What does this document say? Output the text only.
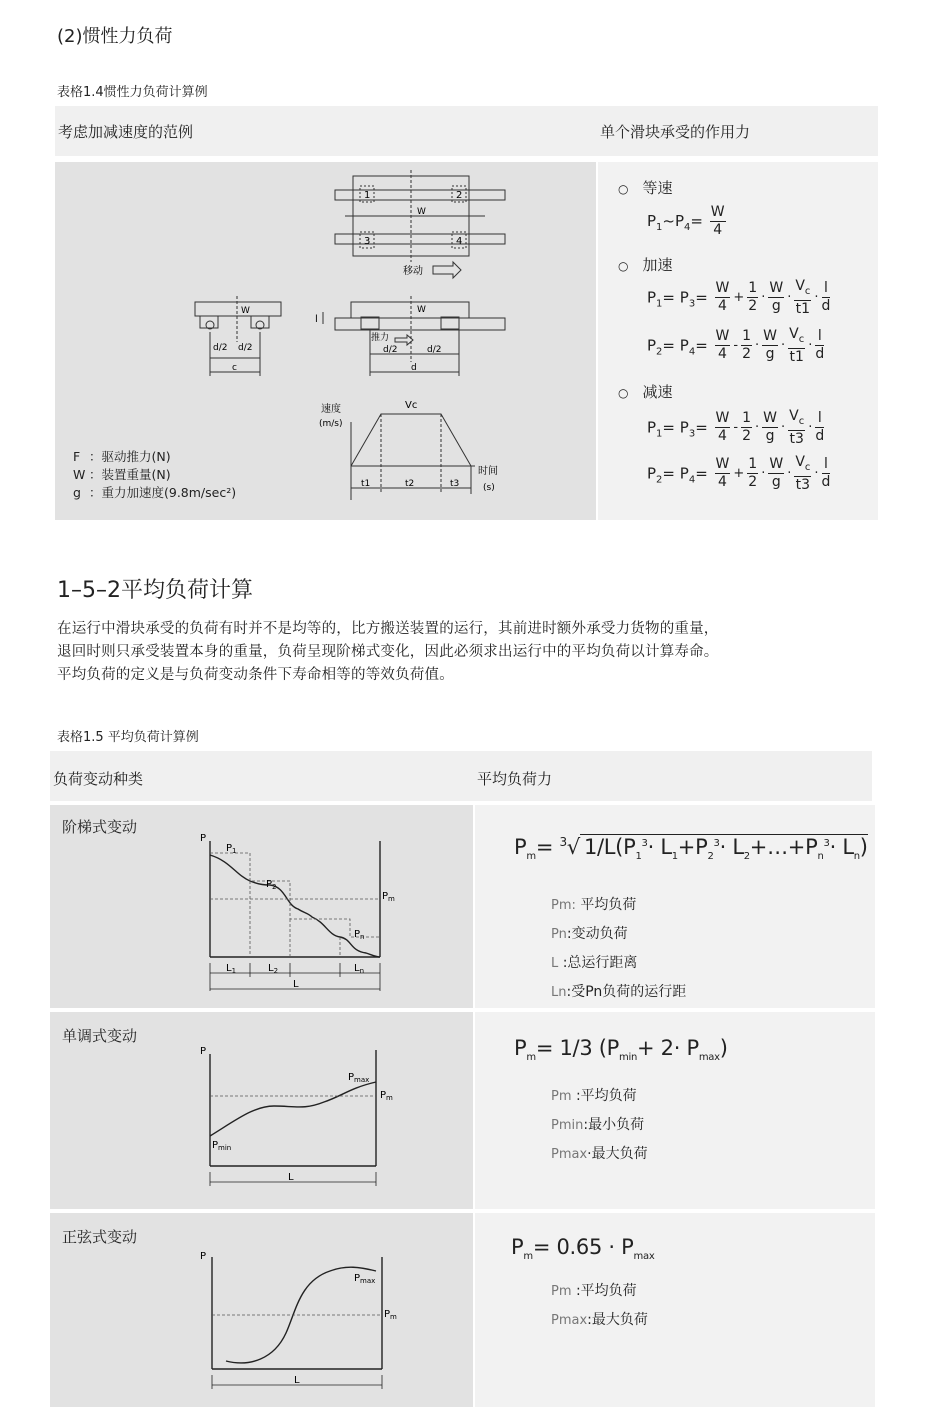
(2)惯性力负荷
表格1.4惯性力负荷计算例
考虑加减速度的范例	单个滑块承受的作用力
1	2
3	4
W
移动
W
d/2 d/2
c
W
l
推力
d/2	d/2
d
速度
(m/s)
Vc
t1	t2	t3
时间
(s)
F ：驱动推力(N)
W ：装置重量(N)
g ：重力加速度(9.8m/sec²)
○ 等速
$P_1\sim P_4= \frac{W}{4}$
○ 加速
$P_1= P_3= \frac{W}{4} + \frac{1}{2} \cdot \frac{W}{g} \cdot \frac{V_c}{t1} \cdot \frac{l}{d}$
$P_2= P_4= \frac{W}{4} - \frac{1}{2} \cdot \frac{W}{g} \cdot \frac{V_c}{t1} \cdot \frac{l}{d}$
○ 减速
$P_1= P_3= \frac{W}{4} - \frac{1}{2} \cdot \frac{W}{g} \cdot \frac{V_c}{t3} \cdot \frac{l}{d}$
$P_2= P_4= \frac{W}{4} + \frac{1}{2} \cdot \frac{W}{g} \cdot \frac{V_c}{t3} \cdot \frac{l}{d}$
1–5–2平均负荷计算
在运行中滑块承受的负荷有时并不是均等的，比方搬送装置的运行，其前进时额外承受力货物的重量，
退回时则只承受装置本身的重量，负荷呈现阶梯式变化，因此必须求出运行中的平均负荷以计算寿命。
平均负荷的定义是与负荷变动条件下寿命相等的等效负荷值。
表格1.5 平均负荷计算例
负荷变动种类	平均负荷力
阶梯式变动
P
$P_1$
$P_2$
$P_n$
$P_m$
$L_1$	$L_2$	$L_n$
L
$P_m= ^3√$ $1/L(P_1^3\cdot L_1+P_2^3\cdot$ $L_2+\dots+P_n^3\cdot L_n$)
Pm: 平均负荷
Pn:变动负荷
L :总运行距离
Ln:受Pn负荷的运行距
单调式变动
P
$P_{max}$
$P_m$
$P_{min}$
L
$P_m= 1/3$ $(P_{min}+ 2\cdot P_{max})$
Pm :平均负荷
Pmin:最小负荷
Pmax·最大负荷
正弦式变动
P
$P_{max}$
$P_m$
L
$P_m= 0.65 \cdot P_{max}$
Pm :平均负荷
Pmax:最大负荷
